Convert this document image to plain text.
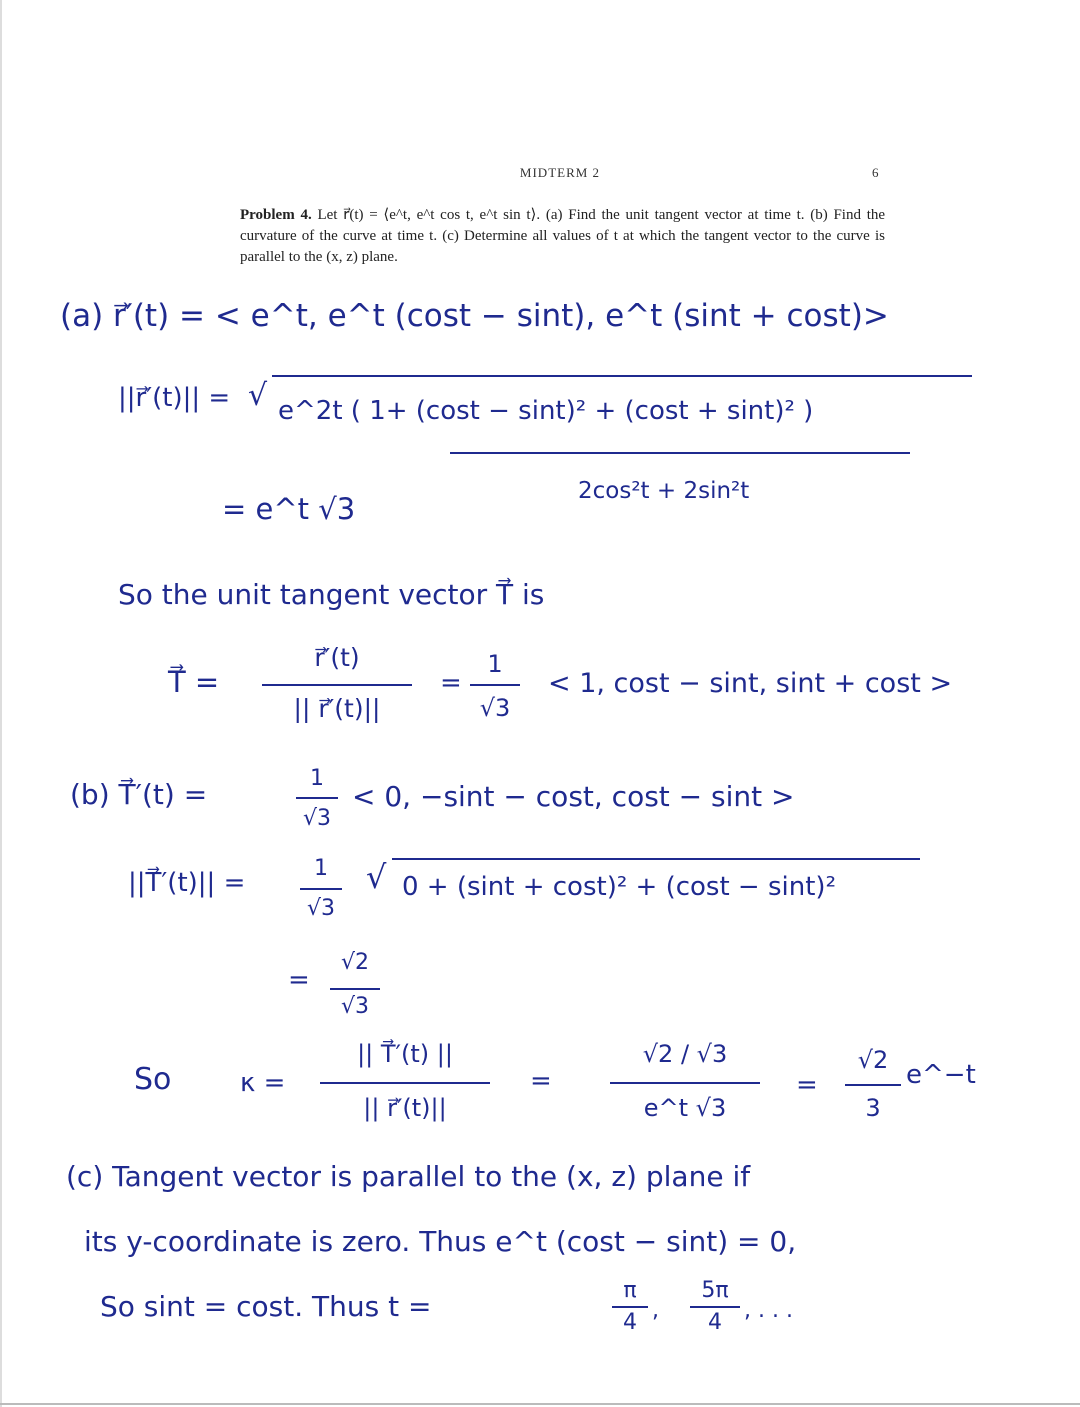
MIDTERM 2	6
Problem 4. Let r⃗(t) = ⟨e^t, e^t cos t, e^t sin t⟩. (a) Find the unit tangent vector at time t. (b) Find the curvature of the curve at time t. (c) Determine all values of t at which the tangent vector to the curve is parallel to the (x, z) plane.
(a) r⃗′(t) = < e^t, e^t (cost − sint), e^t (sint + cost)>
||r⃗′(t)|| = √ e^2t ( 1+ (cost − sint)² + (cost + sint)² )
2cos²t + 2sin²t
= e^t √3
So the unit tangent vector T⃗ is
T⃗ =
r⃗′(t)
|| r⃗′(t)||
=
1
√3
< 1, cost − sint, sint + cost >
(b) T⃗′(t) =	1
√3
< 0, −sint − cost, cost − sint >
||T⃗′(t)|| =	1
√3
√ 0 + (sint + cost)² + (cost − sint)²
=
√2
√3
So	κ =
|| T⃗′(t) ||
|| r⃗′(t)||
=
√2 / √3
e^t √3
=
√2
3
e^−t
(c) Tangent vector is parallel to the (x, z) plane if
its y-coordinate is zero. Thus e^t (cost − sint) = 0,
So sint = cost. Thus t =	π
4 ,
5π
4	, . . .
